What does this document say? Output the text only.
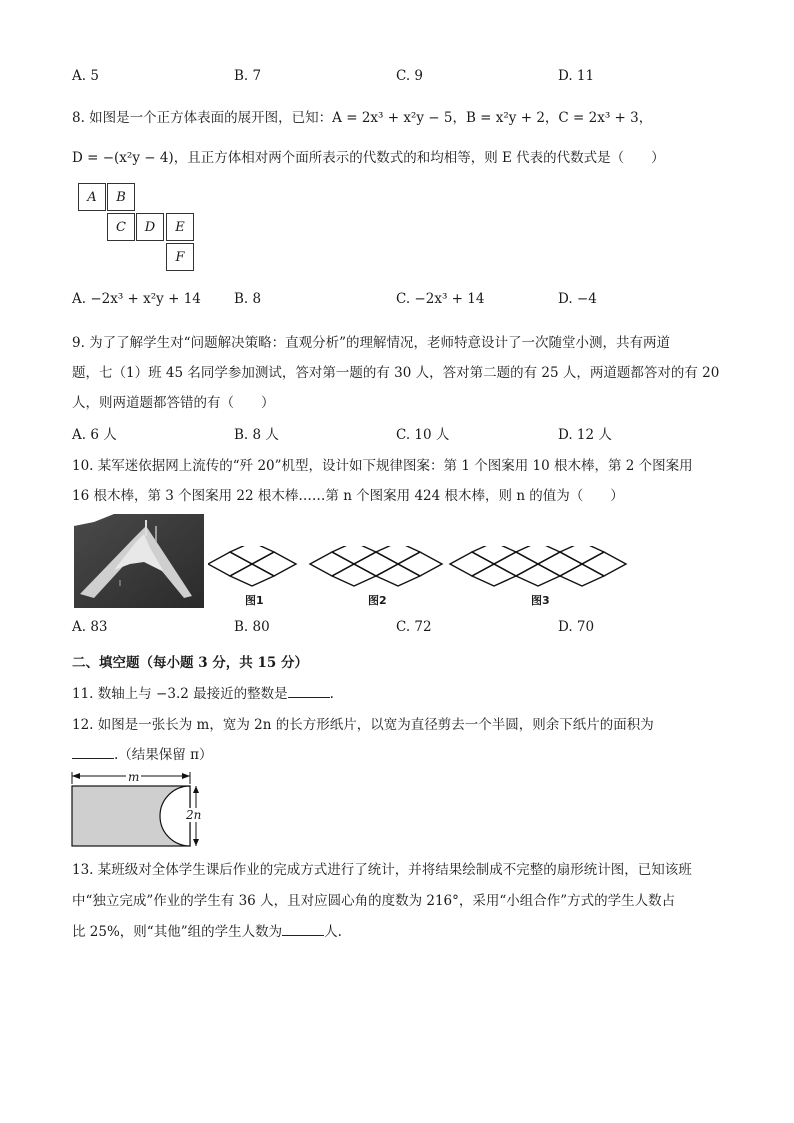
A. 5	B. 7	C. 9	D. 11
8. 如图是一个正方体表面的展开图，已知：A = 2x³ + x²y − 5，B = x²y + 2，C = 2x³ + 3，
D = −(x²y − 4)，且正方体相对两个面所表示的代数式的和均相等，则 E 代表的代数式是（　　）
A	B
C	D	E
F
A. −2x³ + x²y + 14 B. 8	C. −2x³ + 14	D. −4
9. 为了了解学生对“问题解决策略：直观分析”的理解情况，老师特意设计了一次随堂小测，共有两道
题，七（1）班 45 名同学参加测试，答对第一题的有 30 人，答对第二题的有 25 人，两道题都答对的有 20
人，则两道题都答错的有（　　）
A. 6 人	B. 8 人	C. 10 人	D. 12 人
10. 某军迷依据网上流传的“歼 20”机型，设计如下规律图案：第 1 个图案用 10 根木棒，第 2 个图案用
16 根木棒，第 3 个图案用 22 根木棒……第 n 个图案用 424 根木棒，则 n 的值为（　　）
图1	图2	图3
A. 83	B. 80	C. 72	D. 70
二、填空题（每小题 3 分，共 15 分）
11. 数轴上与 −3.2 最接近的整数是	.
12. 如图是一张长为 m，宽为 2n 的长方形纸片，以宽为直径剪去一个半圆，则余下纸片的面积为
.（结果保留 π）
m
2n
13. 某班级对全体学生课后作业的完成方式进行了统计，并将结果绘制成不完整的扇形统计图，已知该班
中“独立完成”作业的学生有 36 人，且对应圆心角的度数为 216°，采用“小组合作”方式的学生人数占
比 25%，则“其他”组的学生人数为	人.
